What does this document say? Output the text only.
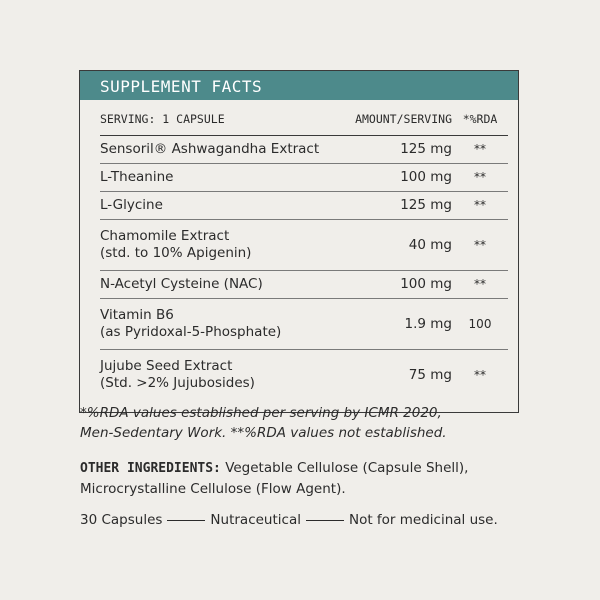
SUPPLEMENT FACTS
SERVING: 1 CAPSULE	AMOUNT/SERVING *%RDA
Sensoril® Ashwagandha Extract	125 mg	**
L-Theanine	100 mg	**
L-Glycine	125 mg	**
Chamomile Extract
(std. to 10% Apigenin)
40 mg	**
N-Acetyl Cysteine (NAC)	100 mg	**
Vitamin B6
(as Pyridoxal-5-Phosphate)
1.9 mg	100
Jujube Seed Extract
(Std. >2% Jujubosides)
75 mg	**
*%RDA values established per serving by ICMR 2020,
Men-Sedentary Work. **%RDA values not established.
OTHER INGREDIENTS: Vegetable Cellulose (Capsule Shell),
Microcrystalline Cellulose (Flow Agent).
30 Capsules	Nutraceutical	Not for medicinal use.
